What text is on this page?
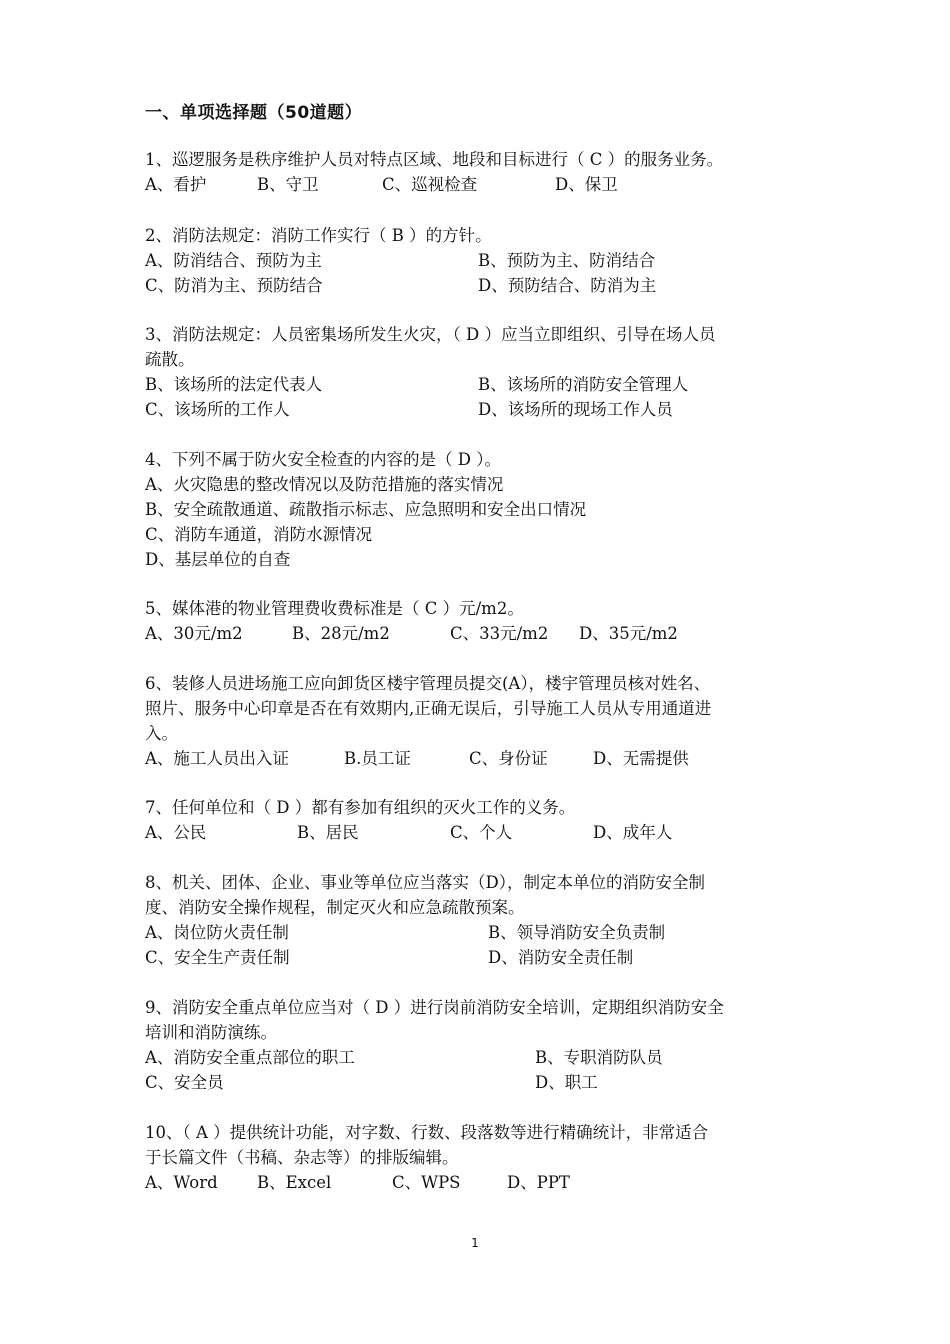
一、单项选择题（50道题）
1、巡逻服务是秩序维护人员对特点区域、地段和目标进行（ C ）的服务业务。
A、看护	B、守卫	C、巡视检查	D、保卫
2、消防法规定：消防工作实行（ B ）的方针。
A、防消结合、预防为主	B、预防为主、防消结合
C、防消为主、预防结合	D、预防结合、防消为主
3、消防法规定：人员密集场所发生火灾，（ D ）应当立即组织、引导在场人员
疏散。
B、该场所的法定代表人	B、该场所的消防安全管理人
C、该场所的工作人	D、该场所的现场工作人员
4、下列不属于防火安全检查的内容的是（ D ）。
A、火灾隐患的整改情况以及防范措施的落实情况
B、安全疏散通道、疏散指示标志、应急照明和安全出口情况
C、消防车通道，消防水源情况
D、基层单位的自查
5、媒体港的物业管理费收费标准是（ C ）元/m2。
A、30元/m2	B、28元/m2	C、33元/m2 D、35元/m2
6、装修人员进场施工应向卸货区楼宇管理员提交(A），楼宇管理员核对姓名、
照片、服务中心印章是否在有效期内,正确无误后，引导施工人员从专用通道进
入。
A、施工人员出入证	B.员工证	C、身份证	D、无需提供
7、任何单位和（ D ）都有参加有组织的灭火工作的义务。
A、公民	B、居民	C、个人	D、成年人
8、机关、团体、企业、事业等单位应当落实（D），制定本单位的消防安全制
度、消防安全操作规程，制定灭火和应急疏散预案。
A、岗位防火责任制	B、领导消防安全负责制
C、安全生产责任制	D、消防安全责任制
9、消防安全重点单位应当对（ D ）进行岗前消防安全培训，定期组织消防安全
培训和消防演练。
A、消防安全重点部位的职工	B、专职消防队员
C、安全员	D、职工
10、（ A ）提供统计功能，对字数、行数、段落数等进行精确统计，非常适合
于长篇文件（书稿、杂志等）的排版编辑。
A、Word B、Excel	C、WPS	D、PPT
1
